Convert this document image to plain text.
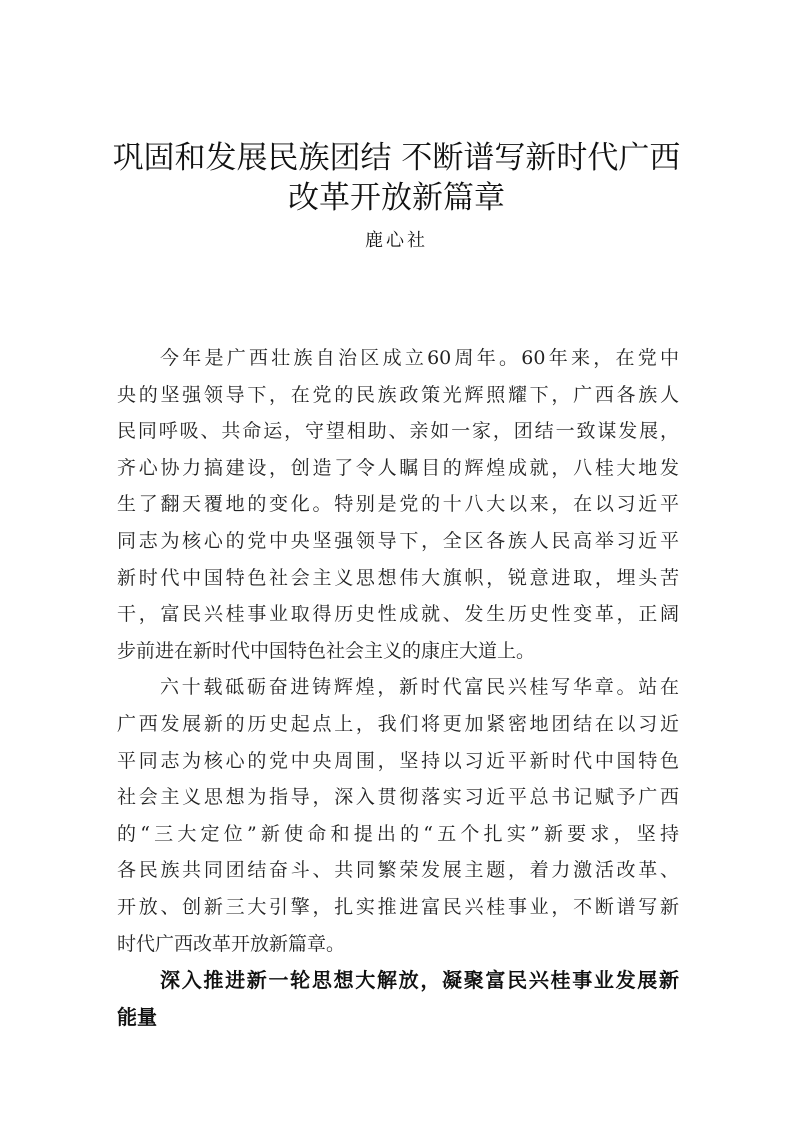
巩固和发展民族团结 不断谱写新时代广西
改革开放新篇章
鹿心社
今年是广西壮族自治区成立60周年。60年来，在党中
央的坚强领导下，在党的民族政策光辉照耀下，广西各族人
民同呼吸、共命运，守望相助、亲如一家，团结一致谋发展，
齐心协力搞建设，创造了令人瞩目的辉煌成就，八桂大地发
生了翻天覆地的变化。特别是党的十八大以来，在以习近平
同志为核心的党中央坚强领导下，全区各族人民高举习近平
新时代中国特色社会主义思想伟大旗帜，锐意进取，埋头苦
干，富民兴桂事业取得历史性成就、发生历史性变革，正阔
步前进在新时代中国特色社会主义的康庄大道上。
六十载砥砺奋进铸辉煌，新时代富民兴桂写华章。站在
广西发展新的历史起点上，我们将更加紧密地团结在以习近
平同志为核心的党中央周围，坚持以习近平新时代中国特色
社会主义思想为指导，深入贯彻落实习近平总书记赋予广西
的“三大定位”新使命和提出的“五个扎实”新要求，坚持
各民族共同团结奋斗、共同繁荣发展主题，着力激活改革、
开放、创新三大引擎，扎实推进富民兴桂事业，不断谱写新
时代广西改革开放新篇章。
深入推进新一轮思想大解放，凝聚富民兴桂事业发展新
能量
